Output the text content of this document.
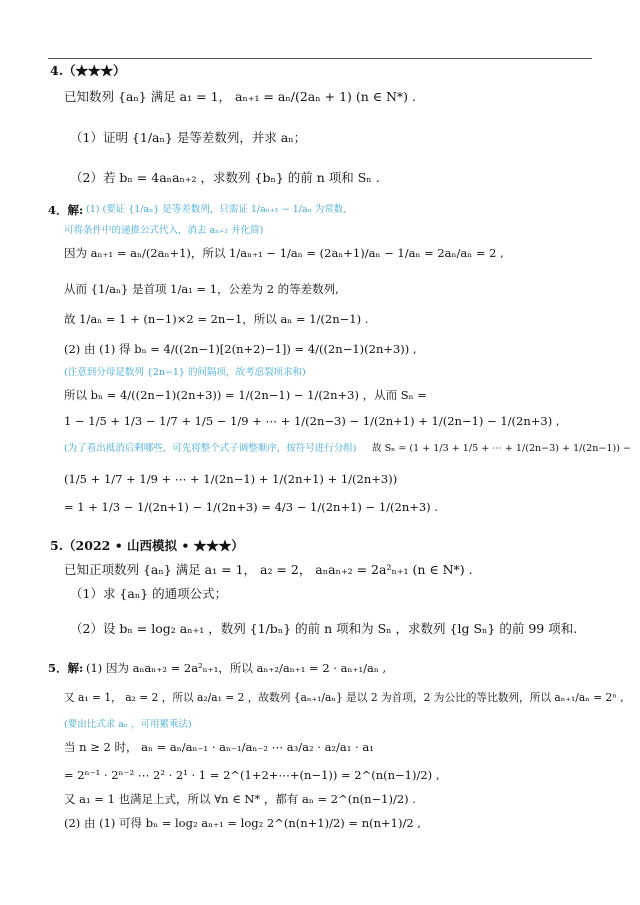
4.（★★★）
已知数列 {aₙ} 满足 a₁ = 1， aₙ₊₁ = aₙ/(2aₙ + 1) (n ∈ N*) .
（1）证明 {1/aₙ} 是等差数列，并求 aₙ；
（2）若 bₙ = 4aₙaₙ₊₂ ，求数列 {bₙ} 的前 n 项和 Sₙ .
4．解: (1) (要证 {1/aₙ} 是等差数列，只需证 1/aₙ₊₁ − 1/aₙ 为常数,
可将条件中的递推公式代入，消去 aₙ₊₁ 并化简)
因为 aₙ₊₁ = aₙ/(2aₙ+1)，所以 1/aₙ₊₁ − 1/aₙ = (2aₙ+1)/aₙ − 1/aₙ = 2aₙ/aₙ = 2 ,
从而 {1/aₙ} 是首项 1/a₁ = 1，公差为 2 的等差数列,
故 1/aₙ = 1 + (n−1)×2 = 2n−1，所以 aₙ = 1/(2n−1) .
(2) 由 (1) 得 bₙ = 4/((2n−1)[2(n+2)−1]) = 4/((2n−1)(2n+3)) ,
(注意到分母是数列 {2n−1} 的间隔项，故考虑裂项求和)
所以 bₙ = 4/((2n−1)(2n+3)) = 1/(2n−1) − 1/(2n+3) ，从而 Sₙ =
1 − 1/5 + 1/3 − 1/7 + 1/5 − 1/9 + ⋯ + 1/(2n−3) − 1/(2n+1) + 1/(2n−1) − 1/(2n+3) ,
(为了看出抵消后剩哪些，可先将整个式子调整顺序，按符号进行分组) 故 Sₙ = (1 + 1/3 + 1/5 + ⋯ + 1/(2n−3) + 1/(2n−1)) −
(1/5 + 1/7 + 1/9 + ⋯ + 1/(2n−1) + 1/(2n+1) + 1/(2n+3))
= 1 + 1/3 − 1/(2n+1) − 1/(2n+3) = 4/3 − 1/(2n+1) − 1/(2n+3) .
5.（2022 • 山西模拟 • ★★★）
已知正项数列 {aₙ} 满足 a₁ = 1， a₂ = 2， aₙaₙ₊₂ = 2a²ₙ₊₁ (n ∈ N*) .
（1）求 {aₙ} 的通项公式；
（2）设 bₙ = log₂ aₙ₊₁ ，数列 {1/bₙ} 的前 n 项和为 Sₙ ，求数列 {lg Sₙ} 的前 99 项和.
5．解: (1) 因为 aₙaₙ₊₂ = 2a²ₙ₊₁，所以 aₙ₊₂/aₙ₊₁ = 2 · aₙ₊₁/aₙ ,
又 a₁ = 1， a₂ = 2 ，所以 a₂/a₁ = 2 ，故数列 {aₙ₊₁/aₙ} 是以 2 为首项，2 为公比的等比数列，所以 aₙ₊₁/aₙ = 2ⁿ ,
(要由比式求 aₙ ，可用累乘法)
当 n ≥ 2 时， aₙ = aₙ/aₙ₋₁ · aₙ₋₁/aₙ₋₂ ⋯ a₃/a₂ · a₂/a₁ · a₁
= 2ⁿ⁻¹ · 2ⁿ⁻² ⋯ 2² · 2¹ · 1 = 2^(1+2+⋯+(n−1)) = 2^(n(n−1)/2) ,
又 a₁ = 1 也满足上式，所以 ∀n ∈ N* ，都有 aₙ = 2^(n(n−1)/2) .
(2) 由 (1) 可得 bₙ = log₂ aₙ₊₁ = log₂ 2^(n(n+1)/2) = n(n+1)/2 ,
